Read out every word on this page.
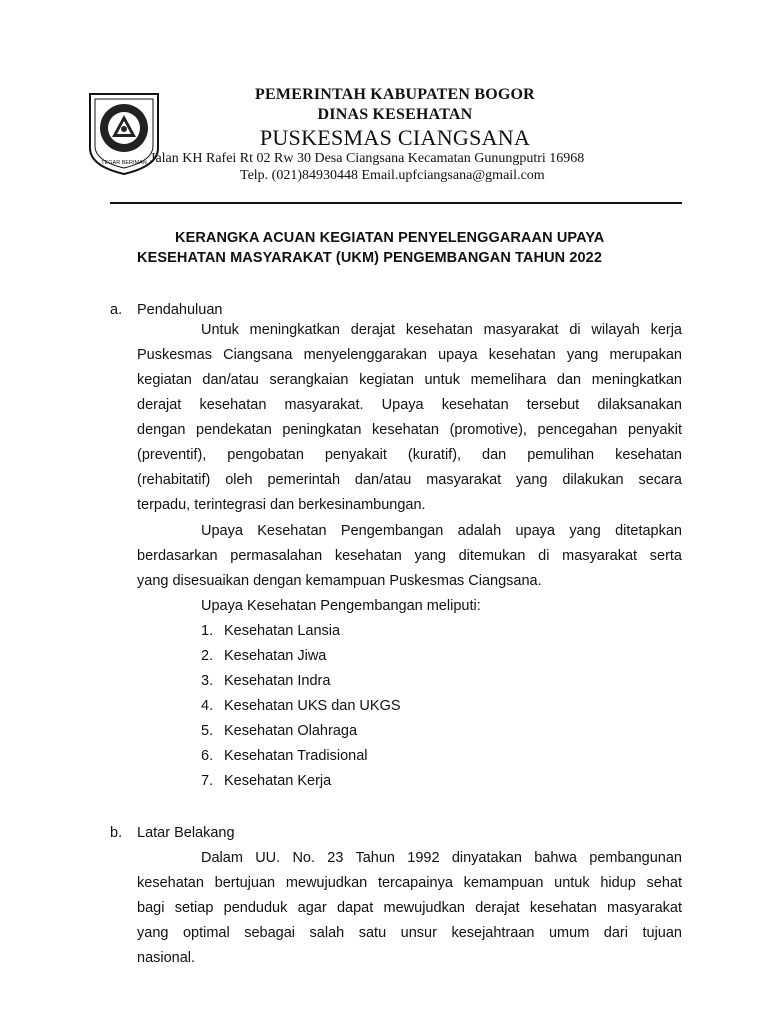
TEGAR BERIMAN
PEMERINTAH KABUPATEN BOGOR
DINAS KESEHATAN
PUSKESMAS CIANGSANA
Jalan KH Rafei Rt 02 Rw 30 Desa Ciangsana Kecamatan Gunungputri 16968
Telp. (021)84930448 Email.upfciangsana@gmail.com
KERANGKA ACUAN KEGIATAN PENYELENGGARAAN UPAYA
KESEHATAN MASYARAKAT (UKM) PENGEMBANGAN TAHUN 2022
a. Pendahuluan
Untuk meningkatkan derajat kesehatan masyarakat di wilayah kerja
Puskesmas Ciangsana menyelenggarakan upaya kesehatan yang merupakan
kegiatan dan/atau serangkaian kegiatan untuk memelihara dan meningkatkan
derajat kesehatan masyarakat. Upaya kesehatan tersebut dilaksanakan
dengan pendekatan peningkatan kesehatan (promotive), pencegahan penyakit
(preventif), pengobatan penyakait (kuratif), dan pemulihan kesehatan
(rehabitatif) oleh pemerintah dan/atau masyarakat yang dilakukan secara
terpadu, terintegrasi dan berkesinambungan.
Upaya Kesehatan Pengembangan adalah upaya yang ditetapkan
berdasarkan permasalahan kesehatan yang ditemukan di masyarakat serta
yang disesuaikan dengan kemampuan Puskesmas Ciangsana.
Upaya Kesehatan Pengembangan meliputi:
1. Kesehatan Lansia
2. Kesehatan Jiwa
3. Kesehatan Indra
4. Kesehatan UKS dan UKGS
5. Kesehatan Olahraga
6. Kesehatan Tradisional
7. Kesehatan Kerja
b. Latar Belakang
Dalam UU. No. 23 Tahun 1992 dinyatakan bahwa pembangunan
kesehatan bertujuan mewujudkan tercapainya kemampuan untuk hidup sehat
bagi setiap penduduk agar dapat mewujudkan derajat kesehatan masyarakat
yang optimal sebagai salah satu unsur kesejahtraan umum dari tujuan
nasional.
